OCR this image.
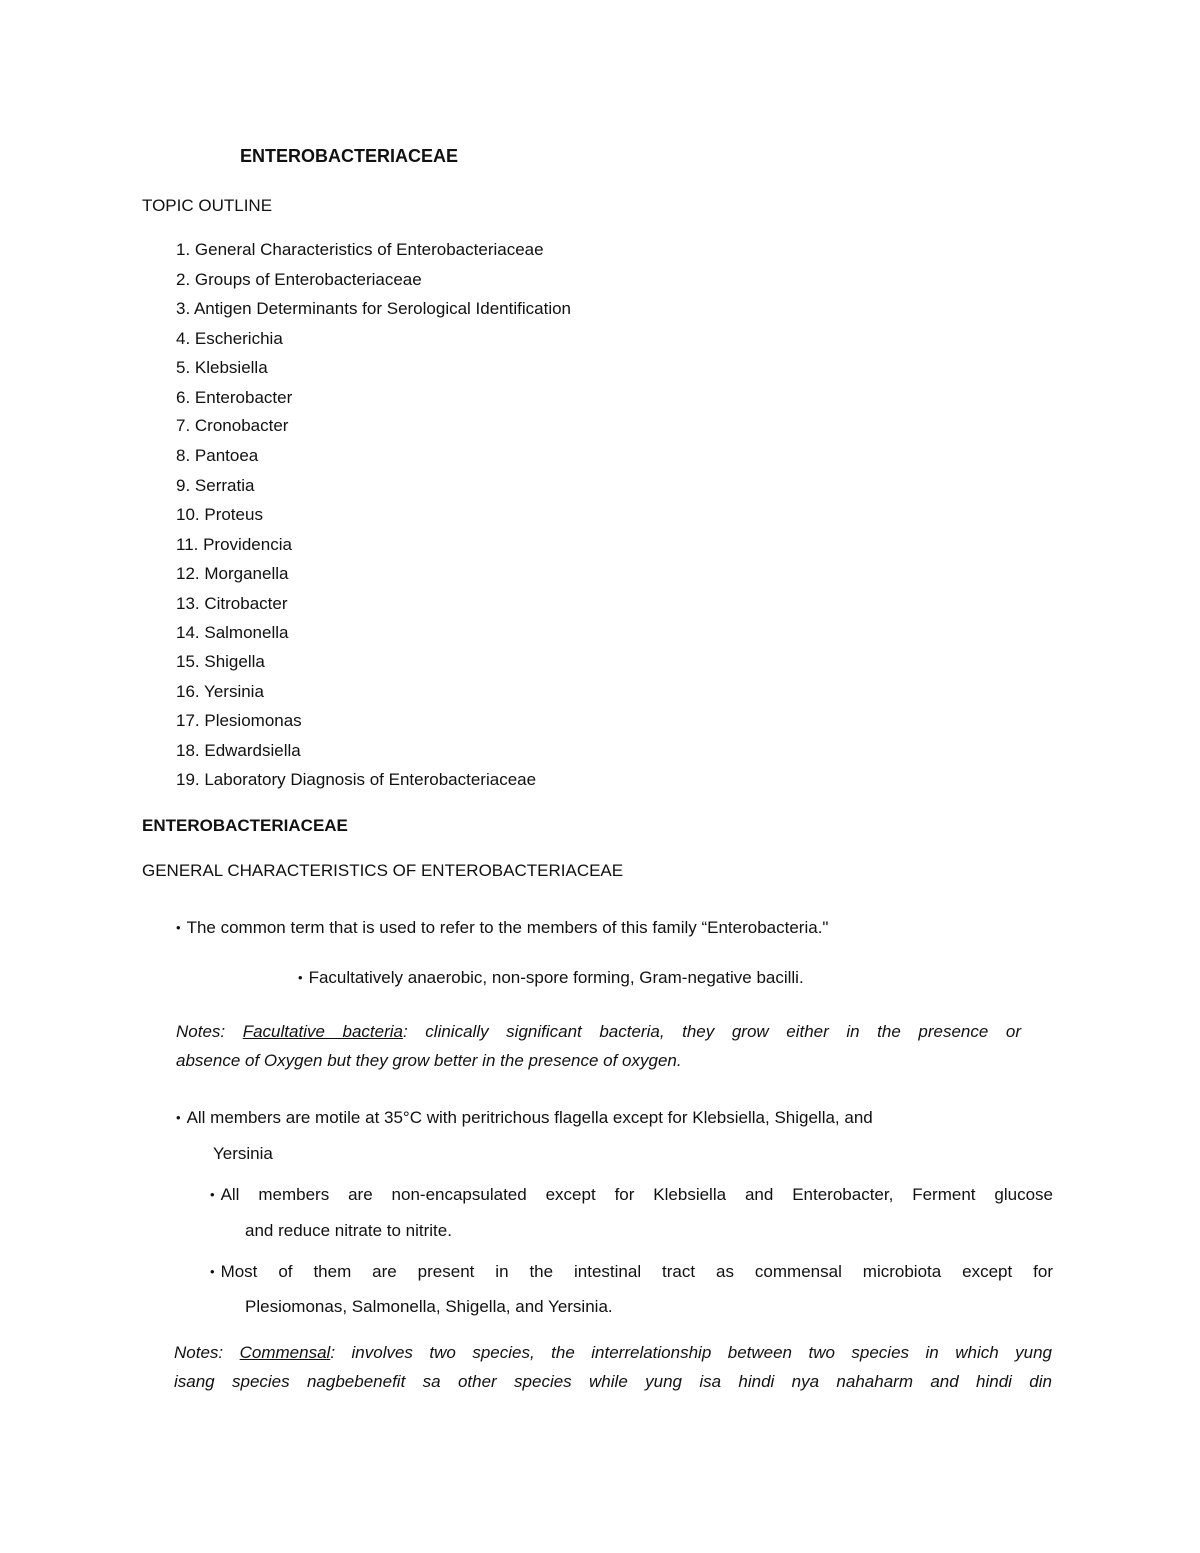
ENTEROBACTERIACEAE
TOPIC OUTLINE
1. General Characteristics of Enterobacteriaceae
2. Groups of Enterobacteriaceae
3. Antigen Determinants for Serological Identification
4. Escherichia
5. Klebsiella
6. Enterobacter
7. Cronobacter
8. Pantoea
9. Serratia
10. Proteus
11. Providencia
12. Morganella
13. Citrobacter
14. Salmonella
15. Shigella
16. Yersinia
17. Plesiomonas
18. Edwardsiella
19. Laboratory Diagnosis of Enterobacteriaceae
ENTEROBACTERIACEAE
GENERAL CHARACTERISTICS OF ENTEROBACTERIACEAE
• The common term that is used to refer to the members of this family “Enterobacteria."
• Facultatively anaerobic, non-spore forming, Gram-negative bacilli.
Notes: Facultative bacteria: clinically significant bacteria, they grow either in the presence or
absence of Oxygen but they grow better in the presence of oxygen.
• All members are motile at 35°C with peritrichous flagella except for Klebsiella, Shigella, and
Yersinia
• All members are non-encapsulated except for Klebsiella and Enterobacter, Ferment glucose
and reduce nitrate to nitrite.
• Most of them are present in the intestinal tract as commensal microbiota except for
Plesiomonas, Salmonella, Shigella, and Yersinia.
Notes: Commensal: involves two species, the interrelationship between two species in which yung
isang species nagbebenefit sa other species while yung isa hindi nya nahaharm and hindi din
